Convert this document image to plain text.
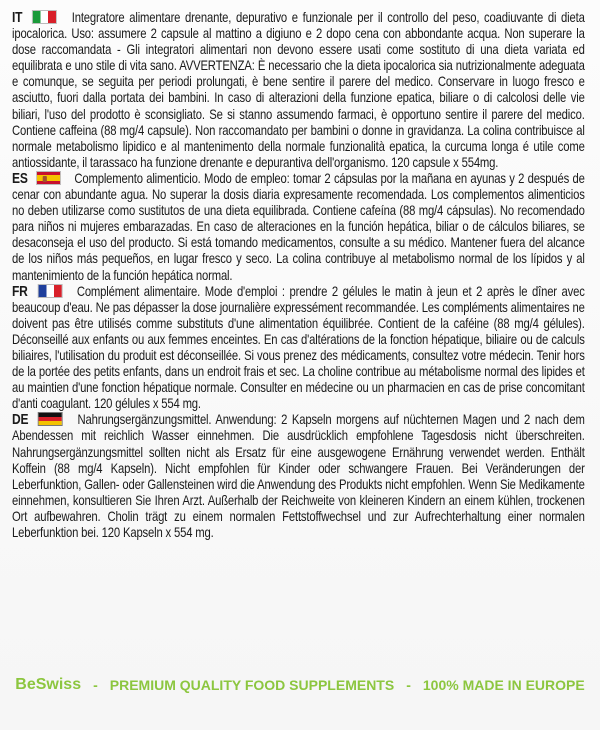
IT	Integratore alimentare drenante, depurativo e funzionale per il controllo del peso, coadiuvante di dieta ipocalorica. Uso: assumere 2 capsule al mattino a digiuno e 2 dopo cena con abbondante acqua. Non superare la dose raccomandata - Gli integratori alimentari non devono essere usati come sostituto di una dieta variata ed equilibrata e uno stile di vita sano. AVVERTENZA: È necessario che la dieta ipocalorica sia nutrizionalmente adeguata e comunque, se seguita per periodi prolungati, è bene sentire il parere del medico. Conservare in luogo fresco e asciutto, fuori dalla portata dei bambini. In caso di alterazioni della funzione epatica, biliare o di calcolosi delle vie biliari, l'uso del prodotto è sconsigliato. Se si stanno assumendo farmaci, è opportuno sentire il parere del medico. Contiene caffeina (88 mg/4 capsule). Non raccomandato per bambini o donne in gravidanza. La colina contribuisce al normale metabolismo lipidico e al mantenimento della normale funzionalità epatica, la curcuma longa é utile come antiossidante, il tarassaco ha funzione drenante e depurantiva dell'organismo. 120 capsule x 554mg.

ES	Complemento alimenticio. Modo de empleo: tomar 2 cápsulas por la mañana en ayunas y 2 después de cenar con abundante agua. No superar la dosis diaria expresamente recomendada. Los complementos alimenticios no deben utilizarse como sustitutos de una dieta equilibrada. Contiene cafeína (88 mg/4 cápsulas). No recomendado para niños ni mujeres embarazadas. En caso de alteraciones en la función hepática, biliar o de cálculos biliares, se desaconseja el uso del producto. Si está tomando medicamentos, consulte a su médico. Mantener fuera del alcance de los niños más pequeños, en lugar fresco y seco. La colina contribuye al metabolismo normal de los lípidos y al mantenimiento de la función hepática normal.

FR	Complément alimentaire. Mode d'emploi : prendre 2 gélules le matin à jeun et 2 après le dîner avec beaucoup d'eau. Ne pas dépasser la dose journalière expressément recommandée. Les compléments alimentaires ne doivent pas être utilisés comme substituts d'une alimentation équilibrée. Contient de la caféine (88 mg/4 gélules). Déconseillé aux enfants ou aux femmes enceintes. En cas d'altérations de la fonction hépatique, biliaire ou de calculs biliaires, l'utilisation du produit est déconseillée. Si vous prenez des médicaments, consultez votre médecin. Tenir hors de la portée des petits enfants, dans un endroit frais et sec. La choline contribue au métabolisme normal des lipides et au maintien d'une fonction hépatique normale. Consulter en médecine ou un pharmacien en cas de prise concomitant d'anti coagulant. 120 gélules x 554 mg.

DE	Nahrungsergänzungsmittel. Anwendung: 2 Kapseln morgens auf nüchternen Magen und 2 nach dem Abendessen mit reichlich Wasser einnehmen. Die ausdrücklich empfohlene Tagesdosis nicht überschreiten. Nahrungsergänzungsmittel sollten nicht als Ersatz für eine ausgewogene Ernährung verwendet werden. Enthält Koffein (88 mg/4 Kapseln). Nicht empfohlen für Kinder oder schwangere Frauen. Bei Veränderungen der Leberfunktion, Gallen- oder Gallensteinen wird die Anwendung des Produkts nicht empfohlen. Wenn Sie Medikamente einnehmen, konsultieren Sie Ihren Arzt. Außerhalb der Reichweite von kleineren Kindern an einem kühlen, trockenen Ort aufbewahren. Cholin trägt zu einem normalen Fettstoffwechsel und zur Aufrechterhaltung einer normalen Leberfunktion bei. 120 Kapseln x 554 mg.

BeSwiss - PREMIUM QUALITY FOOD SUPPLEMENTS - 100% MADE IN EUROPE
